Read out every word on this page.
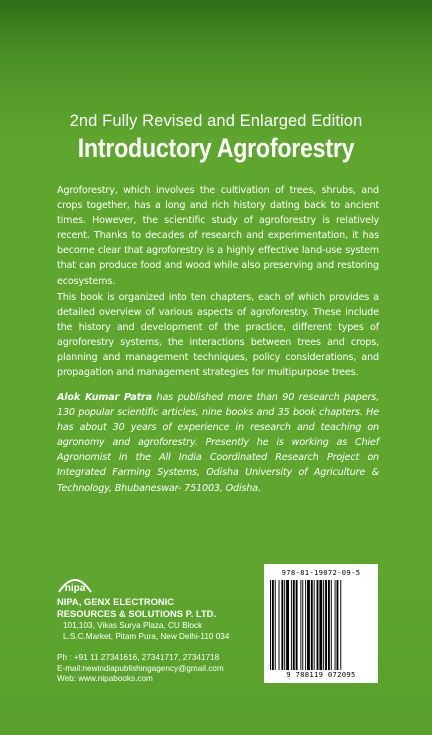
2nd Fully Revised and Enlarged Edition
Introductory Agroforestry
Agroforestry, which involves the cultivation of trees, shrubs, and crops together, has a long and rich history dating back to ancient times. However, the scientific study of agroforestry is relatively recent. Thanks to decades of research and experimentation, it has become clear that agroforestry is a highly effective land-use system that can produce food and wood while also preserving and restoring ecosystems.
This book is organized into ten chapters, each of which provides a detailed overview of various aspects of agroforestry. These include the history and development of the practice, different types of agroforestry systems, the interactions between trees and crops, planning and management techniques, policy considerations, and propagation and management strategies for multipurpose trees.
Alok Kumar Patra has published more than 90 research papers, 130 popular scientific articles, nine books and 35 book chapters. He has about 30 years of experience in research and teaching on agronomy and agroforestry. Presently he is working as Chief Agronomist in the All India Coordinated Research Project on Integrated Farming Systems, Odisha University of Agriculture & Technology, Bhubaneswar- 751003, Odisha.
nipa
NIPA, GENX ELECTRONIC
RESOURCES & SOLUTIONS P. LTD.
101,103, Vikas Surya Plaza, CU Block
L.S.C.Market, Pitam Pura, New Delhi-110 034
Ph : +91 11 27341616, 27341717, 27341718
E-mail:newindiapublishingagency@gmail.com
Web: www.nipabooks.com
978-81-19072-09-5
9 788119 072095
